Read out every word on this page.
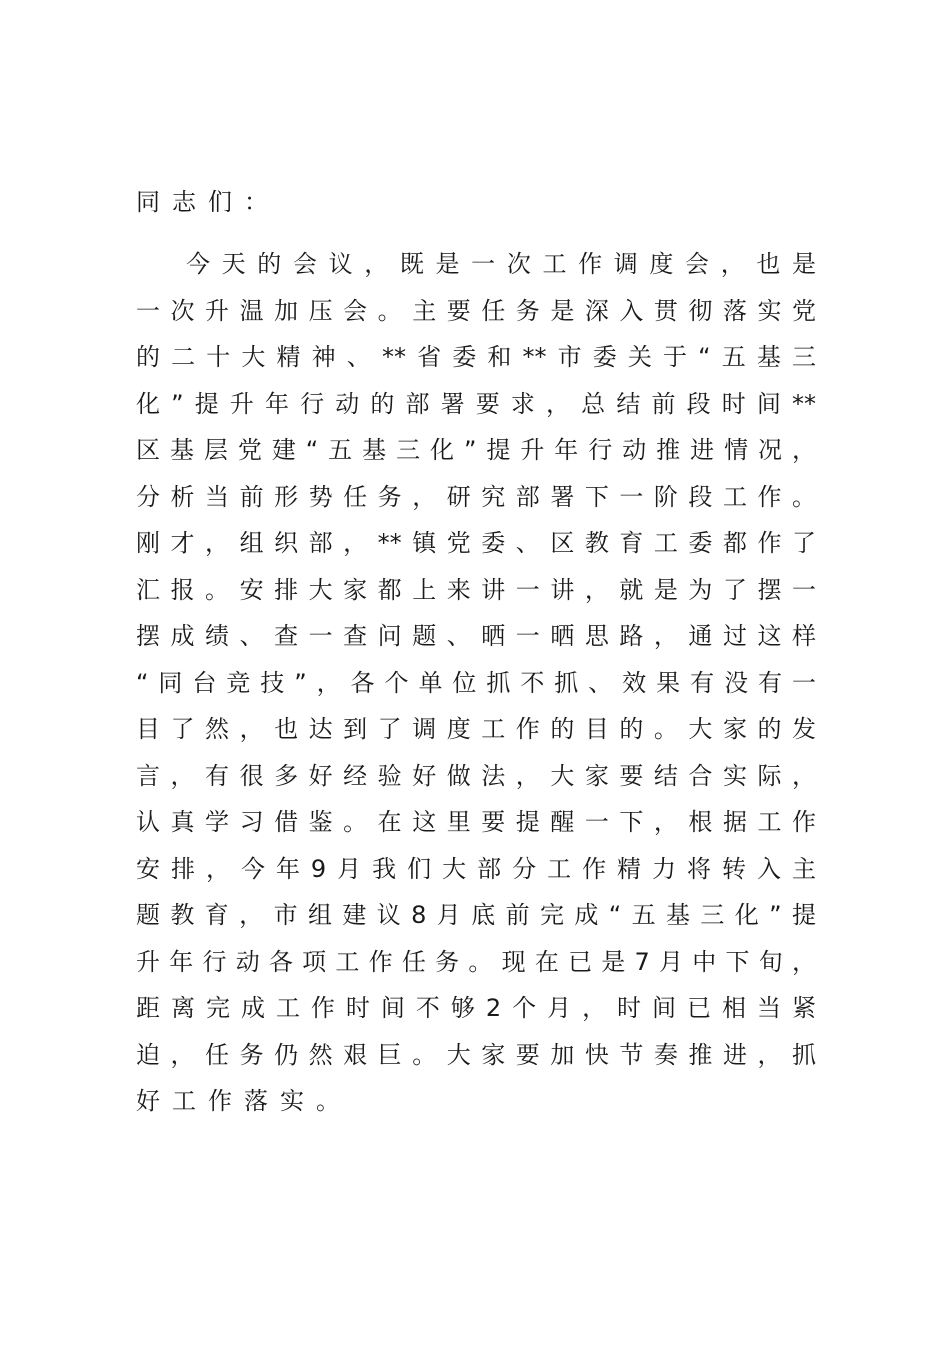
同志们：
今天的会议，既是一次工作调度会，也是
一次升温加压会。主要任务是深入贯彻落实党
的二十大精神、**省委和**市委关于“五基三
化”提升年行动的部署要求，总结前段时间**
区基层党建“五基三化”提升年行动推进情况，
分析当前形势任务，研究部署下一阶段工作。
刚才，组织部，**镇党委、区教育工委都作了
汇报。安排大家都上来讲一讲，就是为了摆一
摆成绩、查一查问题、晒一晒思路，通过这样
“同台竞技”，各个单位抓不抓、效果有没有一
目了然，也达到了调度工作的目的。大家的发
言，有很多好经验好做法，大家要结合实际，
认真学习借鉴。在这里要提醒一下，根据工作
安排，今年9月我们大部分工作精力将转入主
题教育，市组建议8月底前完成“五基三化”提
升年行动各项工作任务。现在已是7月中下旬，
距离完成工作时间不够2个月，时间已相当紧
迫，任务仍然艰巨。大家要加快节奏推进，抓
好工作落实。
